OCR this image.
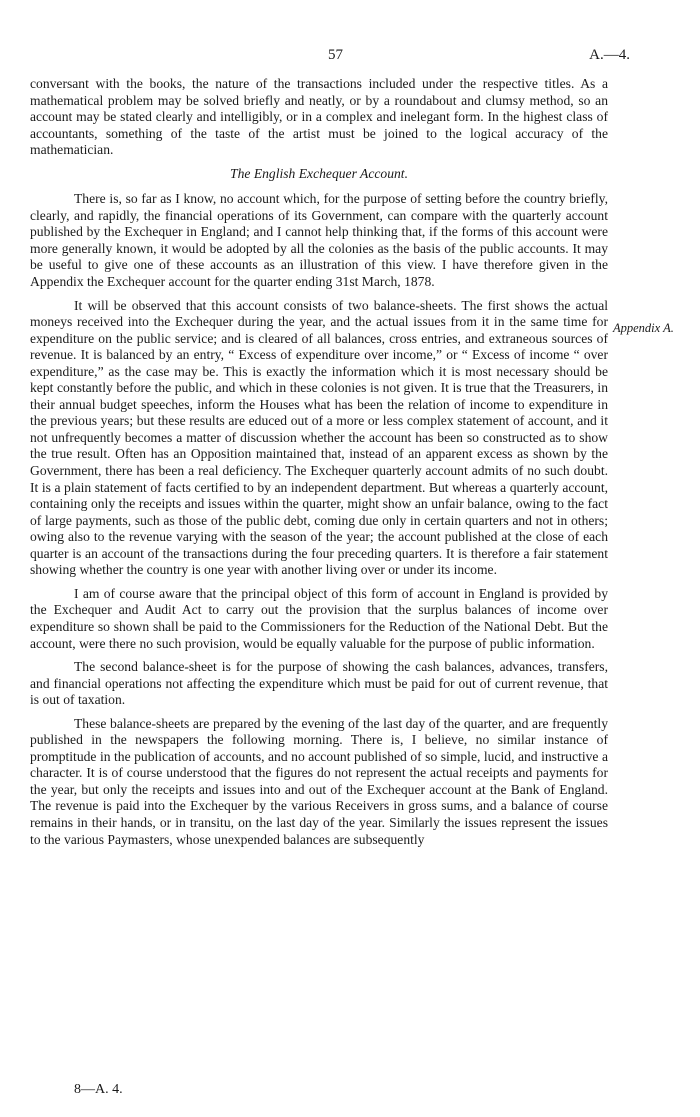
57	A.—4.

conversant with the books, the nature of the transactions included under the respective titles. As a mathematical problem may be solved briefly and neatly, or by a roundabout and clumsy method, so an account may be stated clearly and intelligibly, or in a complex and inelegant form. In the highest class of accountants, something of the taste of the artist must be joined to the logical accuracy of the mathematician.

The English Exchequer Account.

There is, so far as I know, no account which, for the purpose of setting before the country briefly, clearly, and rapidly, the financial operations of its Government, can compare with the quarterly account published by the Exchequer in England; and I cannot help thinking that, if the forms of this account were more generally known, it would be adopted by all the colonies as the basis of the public accounts. It may be useful to give one of these accounts as an illustration of this view. I have therefore given in the Appendix the Exchequer account for the quarter ending 31st March, 1878.

It will be observed that this account consists of two balance-sheets. The first shows the actual moneys received into the Exchequer during the year, and the actual issues from it in the same time for expenditure on the public service; and is cleared of all balances, cross entries, and extraneous sources of revenue. It is balanced by an entry, “ Excess of expenditure over income,” or “ Excess of income “ over expenditure,” as the case may be. This is exactly the information which it is most necessary should be kept constantly before the public, and which in these colonies is not given. It is true that the Treasurers, in their annual budget speeches, inform the Houses what has been the relation of income to expenditure in the previous years; but these results are educed out of a more or less complex statement of account, and it not unfrequently becomes a matter of discussion whether the account has been so constructed as to show the true result. Often has an Opposition maintained that, instead of an apparent excess as shown by the Government, there has been a real deficiency. The Exchequer quarterly account admits of no such doubt. It is a plain statement of facts certified to by an independent department. But whereas a quarterly account, containing only the receipts and issues within the quarter, might show an unfair balance, owing to the fact of large payments, such as those of the public debt, coming due only in certain quarters and not in others; owing also to the revenue varying with the season of the year; the account published at the close of each quarter is an account of the transactions during the four preceding quarters. It is therefore a fair statement showing whether the country is one year with another living over or under its income.

I am of course aware that the principal object of this form of account in England is provided by the Exchequer and Audit Act to carry out the provision that the surplus balances of income over expenditure so shown shall be paid to the Commissioners for the Reduction of the National Debt. But the account, were there no such provision, would be equally valuable for the purpose of public information.

The second balance-sheet is for the purpose of showing the cash balances, advances, transfers, and financial operations not affecting the expenditure which must be paid for out of current revenue, that is out of taxation.

These balance-sheets are prepared by the evening of the last day of the quarter, and are frequently published in the newspapers the following morning. There is, I believe, no similar instance of promptitude in the publication of accounts, and no account published of so simple, lucid, and instructive a character. It is of course understood that the figures do not represent the actual receipts and payments for the year, but only the receipts and issues into and out of the Exchequer account at the Bank of England. The revenue is paid into the Exchequer by the various Receivers in gross sums, and a balance of course remains in their hands, or in transitu, on the last day of the year. Similarly the issues represent the issues to the various Paymasters, whose unexpended balances are subsequently

Appendix A.
8—A. 4.
